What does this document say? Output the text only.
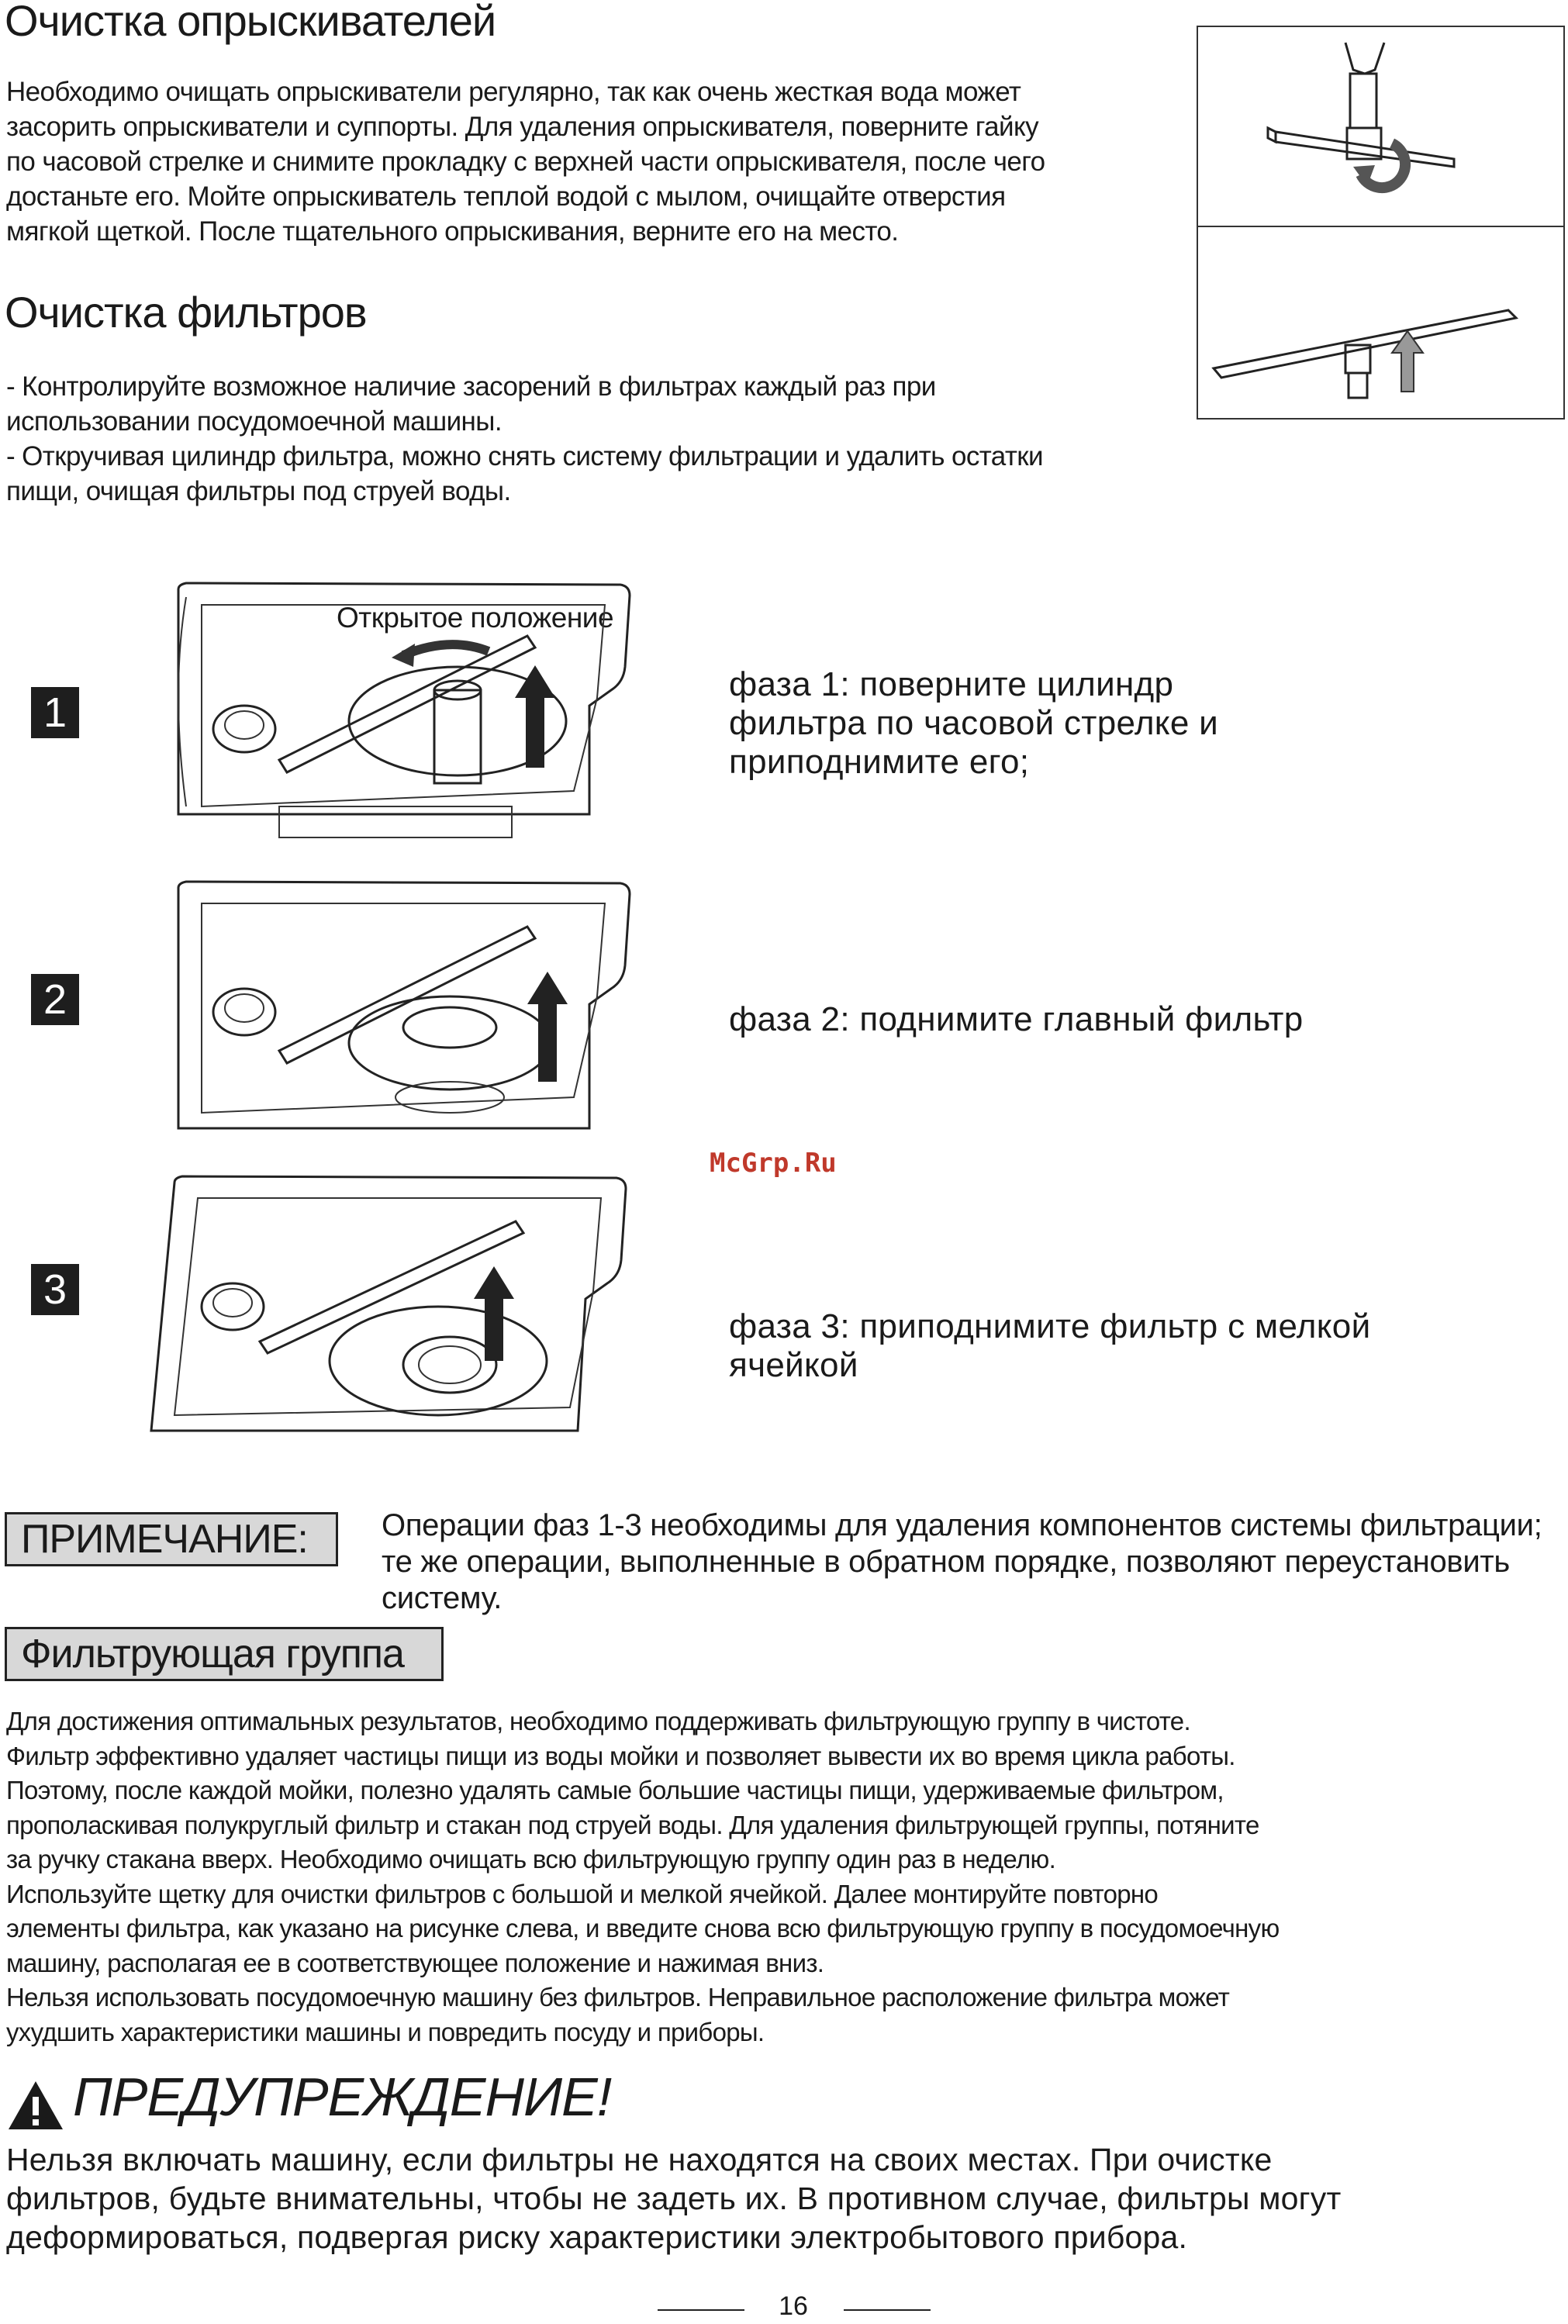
Очистка опрыскивателей
Необходимо очищать опрыскиватели регулярно, так как очень жесткая вода может
засорить опрыскиватели и суппорты. Для удаления опрыскивателя, поверните гайку
по часовой стрелке и снимите прокладку с верхней части опрыскивателя, после чего
достаньте его. Мойте опрыскиватель теплой водой с мылом, очищайте отверстия
мягкой щеткой. После тщательного опрыскивания, верните его на место.
Очистка фильтров
- Контролируйте возможное наличие засорений в фильтрах каждый раз при
использовании посудомоечной машины.
- Откручивая цилиндр фильтра, можно снять систему фильтрации и удалить остатки
пищи, очищая фильтры под струей воды.
1
2
3
Открытое положение
фаза 1: поверните цилиндр
фильтра по часовой стрелке и
приподнимите его;
фаза 2: поднимите главный фильтр
фаза 3: приподнимите фильтр с мелкой
ячейкой
McGrp.Ru
ПРИМЕЧАНИЕ:	Операции фаз 1-3 необходимы для удаления компонентов системы фильтрации;
те же операции, выполненные в обратном порядке, позволяют переустановить
систему.
Фильтрующая группа
Для достижения оптимальных результатов, необходимо поддерживать фильтрующую группу в чистоте.
Фильтр эффективно удаляет частицы пищи из воды мойки и позволяет вывести их во время цикла работы.
Поэтому, после каждой мойки, полезно удалять самые большие частицы пищи, удерживаемые фильтром,
прополаскивая полукруглый фильтр и стакан под струей воды. Для удаления фильтрующей группы, потяните
за ручку стакана вверх. Необходимо очищать всю фильтрующую группу один раз в неделю.
Используйте щетку для очистки фильтров с большой и мелкой ячейкой. Далее монтируйте повторно
элементы фильтра, как указано на рисунке слева, и введите снова всю фильтрующую группу в посудомоечную
машину, располагая ее в соответствующее положение и нажимая вниз.
Нельзя использовать посудомоечную машину без фильтров. Неправильное расположение фильтра может
ухудшить характеристики машины и повредить посуду и приборы.
ПРЕДУПРЕЖДЕНИЕ!
Нельзя включать машину, если фильтры не находятся на своих местах. При очистке
фильтров, будьте внимательны, чтобы не задеть их. В противном случае, фильтры могут
деформироваться, подвергая риску характеристики электробытового прибора.
16
